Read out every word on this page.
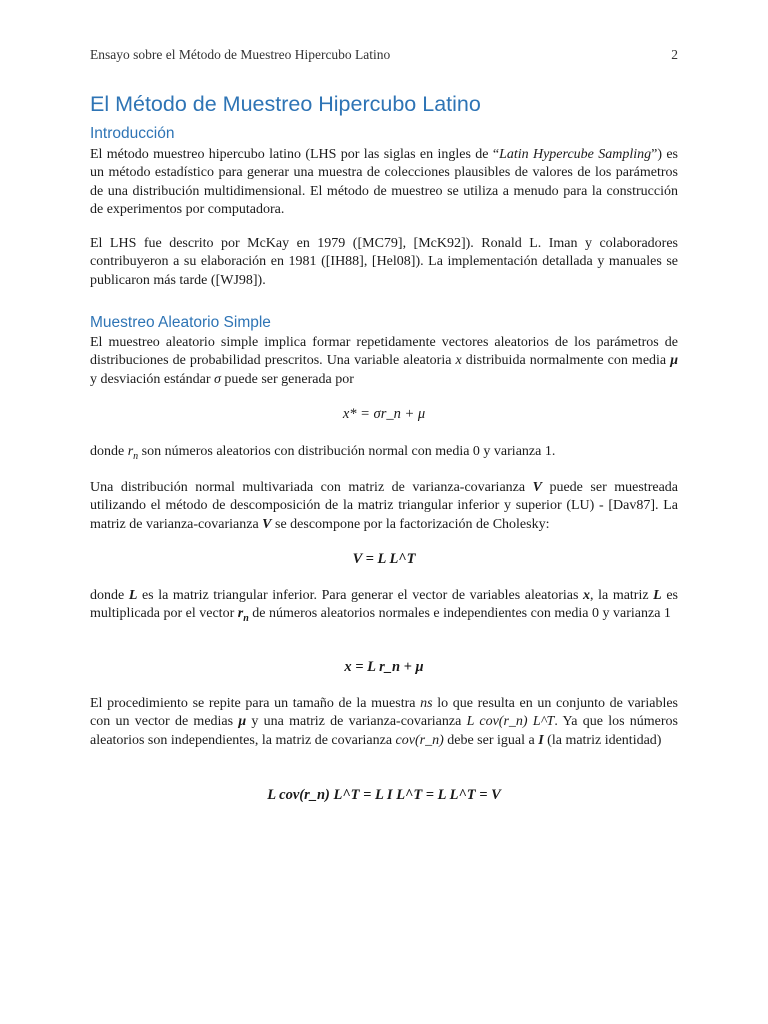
Ensayo sobre el Método de Muestreo Hipercubo Latino	2
El Método de Muestreo Hipercubo Latino
Introducción

El método muestreo hipercubo latino (LHS por las siglas en ingles de “Latin Hypercube Sampling”) es un método estadístico para generar una muestra de colecciones plausibles de valores de los parámetros de una distribución multidimensional. El método de muestreo se utiliza a menudo para la construcción de experimentos por computadora.

El LHS fue descrito por McKay en 1979 ([MC79], [McK92]). Ronald L. Iman y colaboradores contribuyeron a su elaboración en 1981 ([IH88], [Hel08]). La implementación detallada y manuales se publicaron más tarde ([WJ98]).

Muestreo Aleatorio Simple

El muestreo aleatorio simple implica formar repetidamente vectores aleatorios de los parámetros de distribuciones de probabilidad prescritos. Una variable aleatoria x distribuida normalmente con media μ y desviación estándar σ puede ser generada por

x* = σr_n + μ

donde $r_n$ son números aleatorios con distribución normal con media 0 y varianza 1.

Una distribución normal multivariada con matriz de varianza-covarianza V puede ser muestreada utilizando el método de descomposición de la matriz triangular inferior y superior (LU) - [Dav87]. La matriz de varianza-covarianza V se descompone por la factorización de Cholesky:

V = L L^T

donde L es la matriz triangular inferior. Para generar el vector de variables aleatorias x, la matriz L es multiplicada por el vector $r_n$ de números aleatorios normales e independientes con media 0 y varianza 1

x = L r_n + μ

El procedimiento se repite para un tamaño de la muestra ns lo que resulta en un conjunto de variables con un vector de medias μ y una matriz de varianza-covarianza L cov(r_n) L^T. Ya que los números aleatorios son independientes, la matriz de covarianza cov(r_n) debe ser igual a I (la matriz identidad)

L cov(r_n) L^T = L I L^T = L L^T = V
